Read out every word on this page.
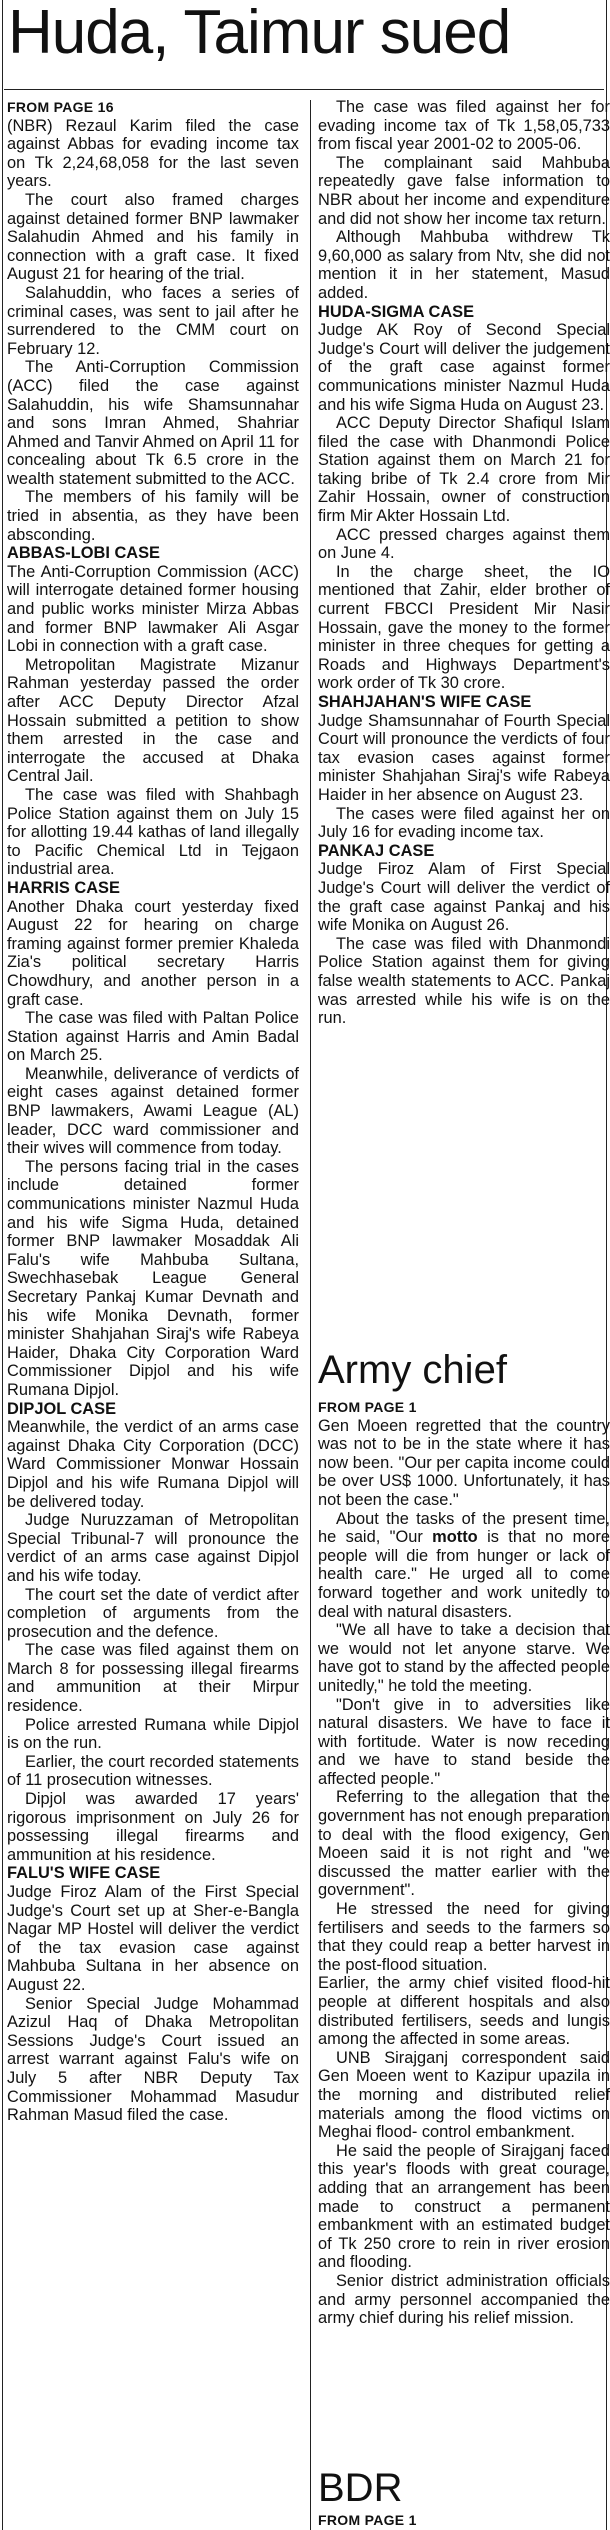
Huda, Taimur sued

FROM PAGE 16

(NBR) Rezaul Karim filed the case against Abbas for evading income tax on Tk 2,24,68,058 for the last seven years.

The court also framed charges against detained former BNP lawmaker Salahudin Ahmed and his family in connection with a graft case. It fixed August 21 for hearing of the trial.

Salahuddin, who faces a series of criminal cases, was sent to jail after he surrendered to the CMM court on February 12.

The Anti-Corruption Commission (ACC) filed the case against Salahuddin, his wife Shamsunnahar and sons Imran Ahmed, Shahriar Ahmed and Tanvir Ahmed on April 11 for concealing about Tk 6.5 crore in the wealth statement submitted to the ACC.

The members of his family will be tried in absentia, as they have been absconding.

ABBAS-LOBI CASE

The Anti-Corruption Commission (ACC) will interrogate detained former housing and public works minister Mirza Abbas and former BNP lawmaker Ali Asgar Lobi in connection with a graft case.

Metropolitan Magistrate Mizanur Rahman yesterday passed the order after ACC Deputy Director Afzal Hossain submitted a petition to show them arrested in the case and interrogate the accused at Dhaka Central Jail.

The case was filed with Shahbagh Police Station against them on July 15 for allotting 19.44 kathas of land illegally to Pacific Chemical Ltd in Tejgaon industrial area.

HARRIS CASE

Another Dhaka court yesterday fixed August 22 for hearing on charge framing against former premier Khaleda Zia's political secretary Harris Chowdhury, and another person in a graft case.

The case was filed with Paltan Police Station against Harris and Amin Badal on March 25.

Meanwhile, deliverance of verdicts of eight cases against detained former BNP lawmakers, Awami League (AL) leader, DCC ward commissioner and their wives will commence from today.

The persons facing trial in the cases include detained former communications minister Nazmul Huda and his wife Sigma Huda, detained former BNP lawmaker Mosaddak Ali Falu's wife Mahbuba Sultana, Swechhasebak League General Secretary Pankaj Kumar Devnath and his wife Monika Devnath, former minister Shahjahan Siraj's wife Rabeya Haider, Dhaka City Corporation Ward Commissioner Dipjol and his wife Rumana Dipjol.

DIPJOL CASE

Meanwhile, the verdict of an arms case against Dhaka City Corporation (DCC) Ward Commissioner Monwar Hossain Dipjol and his wife Rumana Dipjol will be delivered today.

Judge Nuruzzaman of Metropolitan Special Tribunal-7 will pronounce the verdict of an arms case against Dipjol and his wife today.

The court set the date of verdict after completion of arguments from the prosecution and the defence.

The case was filed against them on March 8 for possessing illegal firearms and ammunition at their Mirpur residence.

Police arrested Rumana while Dipjol is on the run.

Earlier, the court recorded statements of 11 prosecution witnesses.

Dipjol was awarded 17 years' rigorous imprisonment on July 26 for possessing illegal firearms and ammunition at his residence.

FALU'S WIFE CASE

Judge Firoz Alam of the First Special Judge's Court set up at Sher-e-Bangla Nagar MP Hostel will deliver the verdict of the tax evasion case against Mahbuba Sultana in her absence on August 22.

Senior Special Judge Mohammad Azizul Haq of Dhaka Metropolitan Sessions Judge's Court issued an arrest warrant against Falu's wife on July 5 after NBR Deputy Tax Commissioner Mohammad Masudur Rahman Masud filed the case.

The case was filed against her for evading income tax of Tk 1,58,05,733 from fiscal year 2001-02 to 2005-06.

The complainant said Mahbuba repeatedly gave false information to NBR about her income and expenditure and did not show her income tax return.

Although Mahbuba withdrew Tk 9,60,000 as salary from Ntv, she did not mention it in her statement, Masud added.

HUDA-SIGMA CASE

Judge AK Roy of Second Special Judge's Court will deliver the judgement of the graft case against former communications minister Nazmul Huda and his wife Sigma Huda on August 23.

ACC Deputy Director Shafiqul Islam filed the case with Dhanmondi Police Station against them on March 21 for taking bribe of Tk 2.4 crore from Mir Zahir Hossain, owner of construction firm Mir Akter Hossain Ltd.

ACC pressed charges against them on June 4.

In the charge sheet, the IO mentioned that Zahir, elder brother of current FBCCI President Mir Nasir Hossain, gave the money to the former minister in three cheques for getting a Roads and Highways Department's work order of Tk 30 crore.

SHAHJAHAN'S WIFE CASE

Judge Shamsunnahar of Fourth Special Court will pronounce the verdicts of four tax evasion cases against former minister Shahjahan Siraj's wife Rabeya Haider in her absence on August 23.

The cases were filed against her on July 16 for evading income tax.

PANKAJ CASE

Judge Firoz Alam of First Special Judge's Court will deliver the verdict of the graft case against Pankaj and his wife Monika on August 26.

The case was filed with Dhanmondi Police Station against them for giving false wealth statements to ACC. Pankaj was arrested while his wife is on the run.

Army chief

FROM PAGE 1

Gen Moeen regretted that the country was not to be in the state where it has now been. "Our per capita income could be over US$ 1000. Unfortunately, it has not been the case."

About the tasks of the present time, he said, "Our motto is that no more people will die from hunger or lack of health care." He urged all to come forward together and work unitedly to deal with natural disasters.

"We all have to take a decision that we would not let anyone starve. We have got to stand by the affected people unitedly," he told the meeting.

"Don't give in to adversities like natural disasters. We have to face it with fortitude. Water is now receding and we have to stand beside the affected people."

Referring to the allegation that the government has not enough preparation to deal with the flood exigency, Gen Moeen said it is not right and "we discussed the matter earlier with the government".

He stressed the need for giving fertilisers and seeds to the farmers so that they could reap a better harvest in the post-flood situation.

Earlier, the army chief visited flood-hit people at different hospitals and also distributed fertilisers, seeds and lungis among the affected in some areas.

UNB Sirajganj correspondent said Gen Moeen went to Kazipur upazila in the morning and distributed relief materials among the flood victims on Meghai flood- control embankment.

He said the people of Sirajganj faced this year's floods with great courage, adding that an arrangement has been made to construct a permanent embankment with an estimated budget of Tk 250 crore to rein in river erosion and flooding.

Senior district administration officials and army personnel accompanied the army chief during his relief mission.

BDR

FROM PAGE 1
